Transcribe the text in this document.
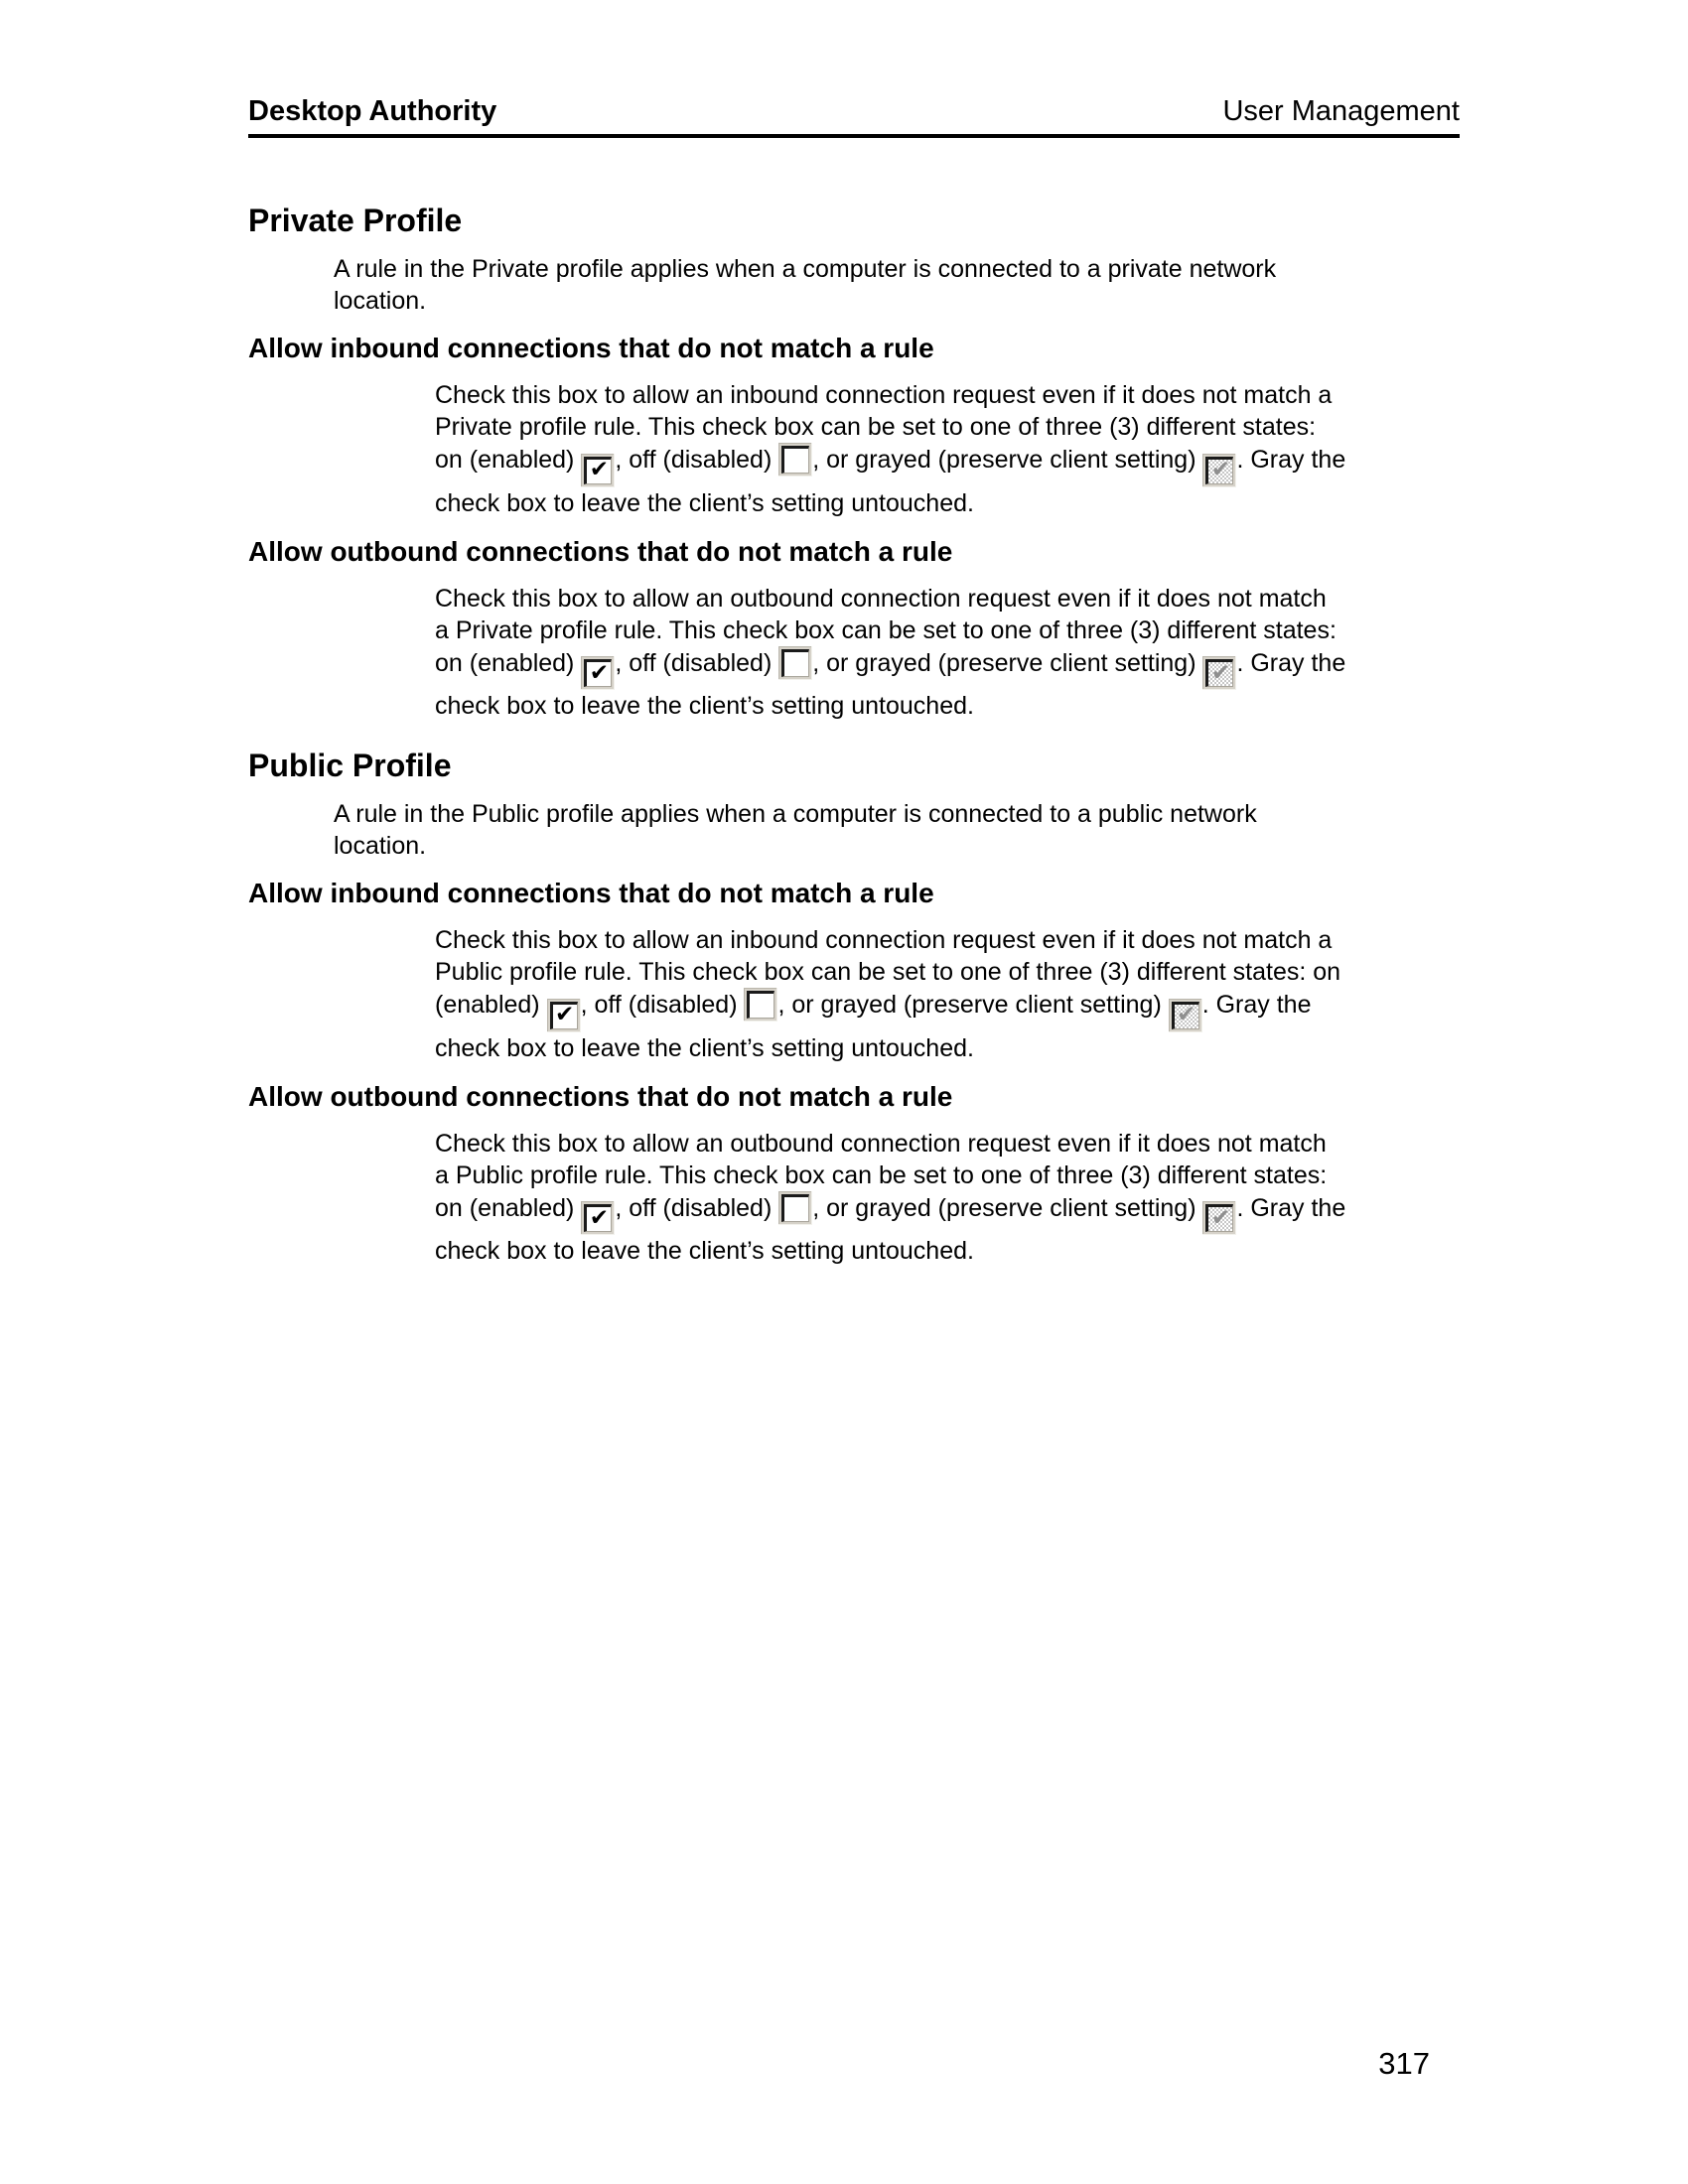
Desktop Authority	User Management
Private Profile

A rule in the Private profile applies when a computer is connected to a private network
location.

Allow inbound connections that do not match a rule
Check this box to allow an inbound connection request even if it does not match a
Private profile rule. This check box can be set to one of three (3) different states:
on (enabled) ✔ , off (disabled)
, or grayed (preserve client setting) ✔ . Gray the
check box to leave the client’s setting untouched.
Allow outbound connections that do not match a rule
Check this box to allow an outbound connection request even if it does not match
a Private profile rule. This check box can be set to one of three (3) different states:
on (enabled) ✔ , off (disabled)
, or grayed (preserve client setting) ✔ . Gray the
check box to leave the client’s setting untouched.
Public Profile

A rule in the Public profile applies when a computer is connected to a public network
location.

Allow inbound connections that do not match a rule
Check this box to allow an inbound connection request even if it does not match a
Public profile rule. This check box can be set to one of three (3) different states: on
(enabled) ✔ , off (disabled)
, or grayed (preserve client setting) ✔ . Gray the
check box to leave the client’s setting untouched.
Allow outbound connections that do not match a rule
Check this box to allow an outbound connection request even if it does not match
a Public profile rule. This check box can be set to one of three (3) different states:
on (enabled) ✔ , off (disabled)
, or grayed (preserve client setting) ✔ . Gray the
check box to leave the client’s setting untouched.
317
